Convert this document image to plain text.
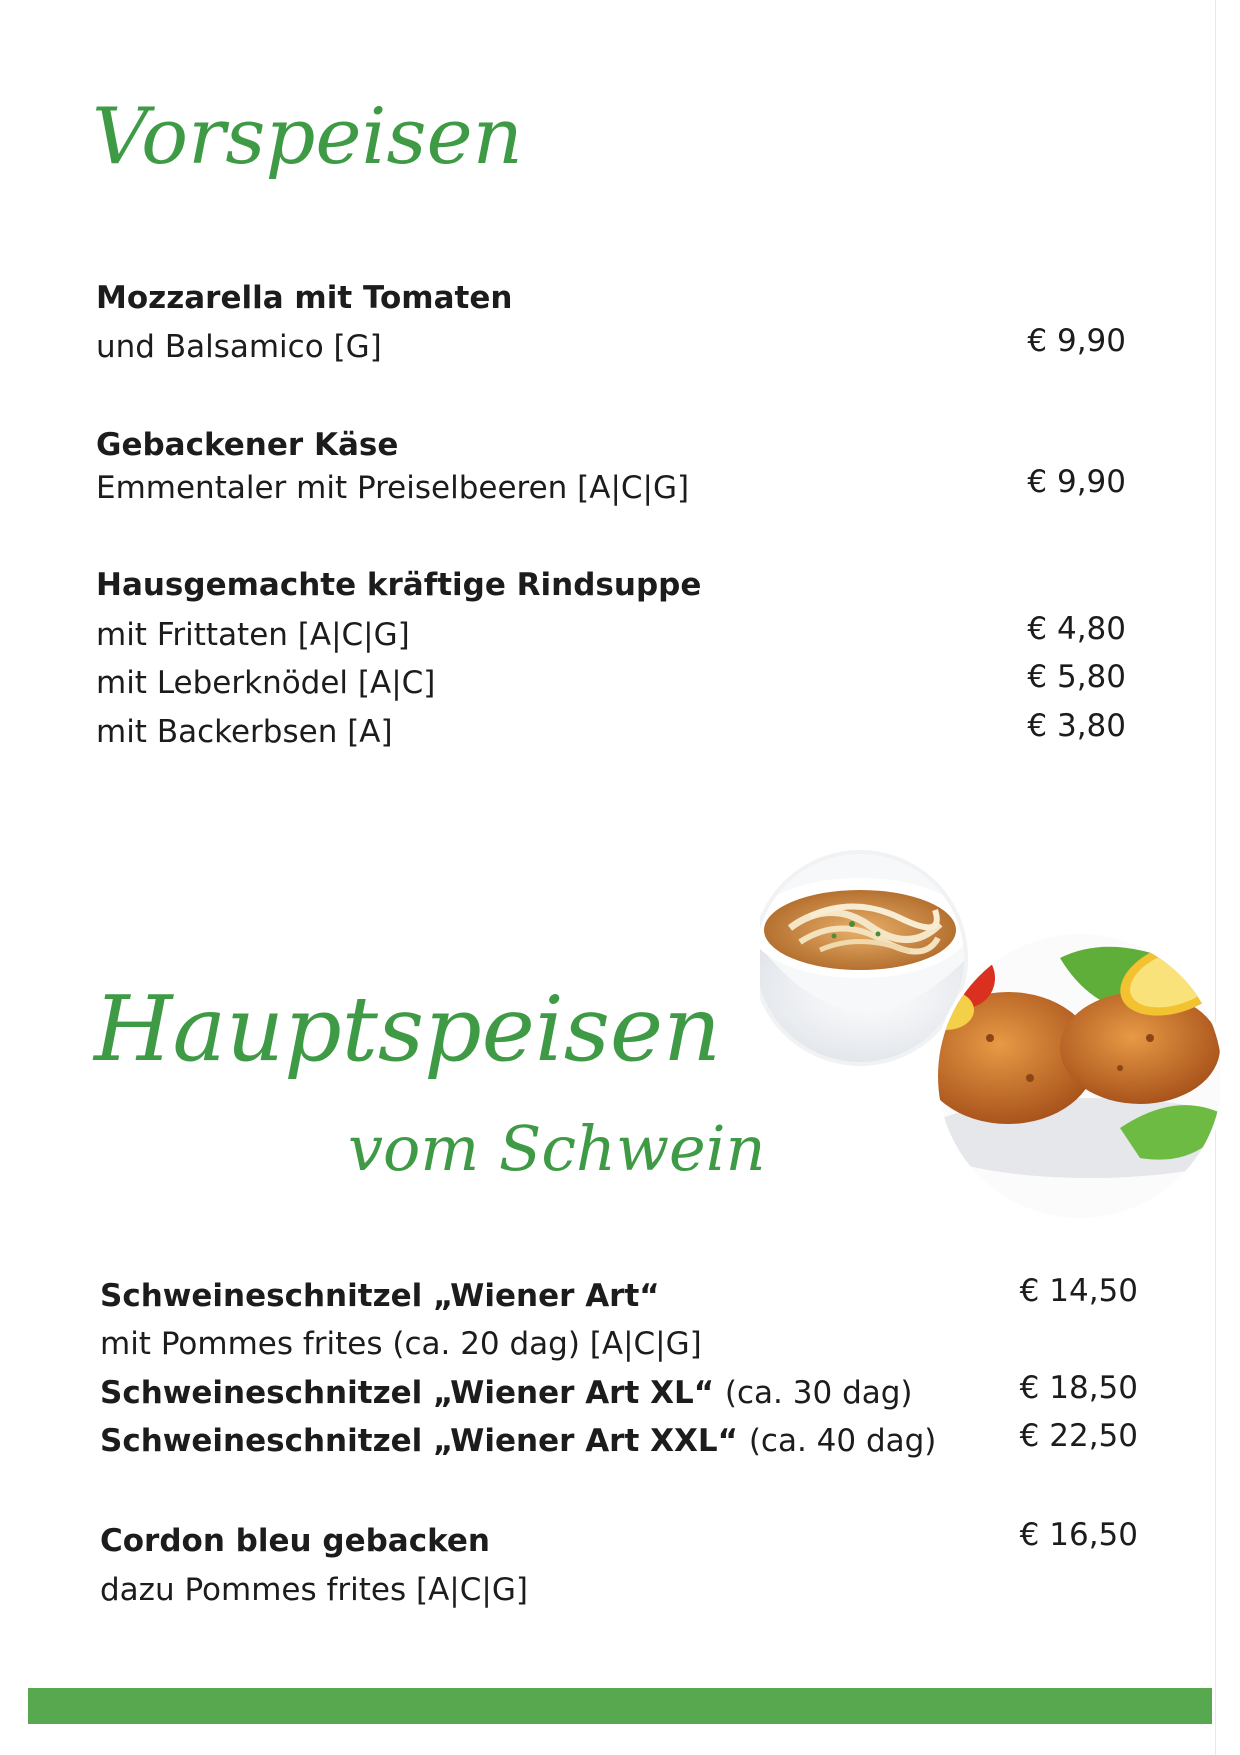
Vorspeisen
Mozzarella mit Tomaten
und Balsamico [G]	€ 9,90
Gebackener Käse
Emmentaler mit Preiselbeeren [A|C|G]	€ 9,90
Hausgemachte kräftige Rindsuppe
mit Frittaten [A|C|G]	€ 4,80
mit Leberknödel [A|C]	€ 5,80
mit Backerbsen [A]	€ 3,80
Hauptspeisen
vom Schwein
Schweineschnitzel „Wiener Art“	€ 14,50
mit Pommes frites (ca. 20 dag) [A|C|G]
Schweineschnitzel „Wiener Art XL“ (ca. 30 dag)	€ 18,50
Schweineschnitzel „Wiener Art XXL“ (ca. 40 dag)	€ 22,50
Cordon bleu gebacken	€ 16,50
dazu Pommes frites [A|C|G]
